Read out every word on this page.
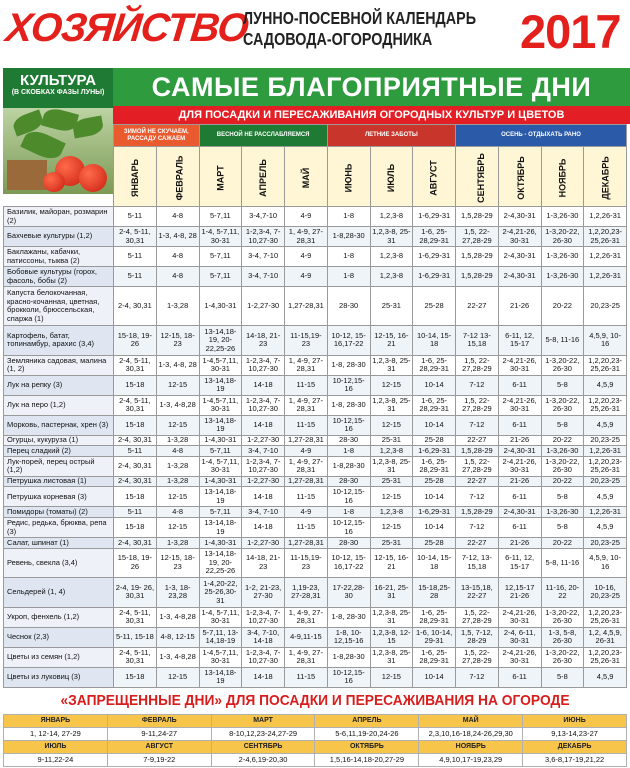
ХОЗЯЙСТВО
ЛУННО-ПОСЕВНОЙ КАЛЕНДАРЬ
САДОВОДА-ОГОРОДНИКА	2017
КУЛЬТУРА
(В СКОБКАХ ФАЗЫ ЛУНЫ)	САМЫЕ БЛАГОПРИЯТНЫЕ ДНИ
ДЛЯ ПОСАДКИ И ПЕРЕСАЖИВАНИЯ ОГОРОДНЫХ КУЛЬТУР И ЦВЕТОВ
	ЗИМОЙ НЕ СКУЧАЕМ, РАССАДУ САЖАЕМ		ВЕСНОЙ НЕ РАССЛАБЛЯЕМСЯ			ЛЕТНИЕ ЗАБОТЫ			ОСЕНЬ - ОТДЫХАТЬ РАНО			
	ЯНВАРЬ	ФЕВРАЛЬ	МАРТ	АПРЕЛЬ	МАЙ	ИЮНЬ	ИЮЛЬ	АВГУСТ	СЕНТЯБРЬ	ОКТЯБРЬ	НОЯБРЬ	ДЕКАБРЬ
Базилик, майоран, розмарин (2)	5-11	4-8	5-7,11	3-4,7-10	4-9	1-8	1,2,3-8	1-6,29-31	1,5,28-29	2-4,30-31	1-3,26-30	1,2,26-31
Бахчевые культуры (1,2)	2-4, 5-11, 30,31	1-3, 4-8, 28	1-4, 5-7,11, 30-31	1-2,3-4, 7-10,27-30	1, 4-9, 27-28,31	1-8,28-30	1,2,3-8, 25-31	1-6, 25-28,29-31	1,5, 22-27,28-29	2-4,21-26, 30-31	1-3,20-22, 26-30	1,2,20,23- 25,26-31
Баклажаны, кабачки, патиссоны, тыква (2)	5-11	4-8	5-7,11	3-4, 7-10	4-9	1-8	1,2,3-8	1-6,29-31	1,5,28-29	2-4,30-31	1-3,26-30	1,2,26-31
Бобовые культуры (горох, фасоль, бобы (2)	5-11	4-8	5-7,11	3-4, 7-10	4-9	1-8	1,2,3-8	1-6,29-31	1,5,28-29	2-4,30-31	1-3,26-30	1,2,26-31
Капуста белокочанная, красно-кочанная, цветная, брокколи, брюссельская, спаржа (1)	2-4, 30,31	1-3,28	1-4,30-31	1-2,27-30	1,27-28,31	28-30	25-31	25-28	22-27	21-26	20-22	20,23-25
Картофель, батат, топинамбур, арахис (3,4)	15-18, 19-26	12-15, 18-23	13-14,18-19, 20-22,25-26	14-18, 21-23	11-15,19-23	10-12, 15-16,17-22	12-15, 16-21	10-14, 15-18	7-12 13-15,18	6-11, 12, 15-17	5-8, 11-16	4,5,9, 10-16
Земляника садовая, малина (1, 2)	2-4, 5-11, 30,31	1-3, 4-8, 28	1-4,5-7,11, 30-31	1-2,3-4, 7-10,27-30	1, 4-9, 27-28,31	1-8, 28-30	1,2,3-8, 25-31	1-6, 25-28,29-31	1,5, 22-27,28-29	2-4,21-26, 30-31	1-3,20-22, 26-30	1,2,20,23- 25,26-31
Лук на репку (3)	15-18	12-15	13-14,18-19	14-18	11-15	10-12,15-16	12-15	10-14	7-12	6-11	5-8	4,5,9
Лук на перо (1,2)	2-4, 5-11, 30,31	1-3, 4-8,28	1-4,5-7,11, 30-31	1-2,3-4, 7-10,27-30	1, 4-9, 27-28,31	1-8, 28-30	1,2,3-8, 25-31	1-6, 25-28,29-31	1,5, 22-27,28-29	2-4,21-26, 30-31	1-3,20-22, 26-30	1,2,20,23- 25,26-31
Морковь, пастернак, хрен (3)	15-18	12-15	13-14,18-19	14-18	11-15	10-12,15-16	12-15	10-14	7-12	6-11	5-8	4,5,9
Огурцы, кукуруза (1)	2-4, 30,31	1-3,28	1-4,30-31	1-2,27-30	1,27-28,31	28-30	25-31	25-28	22-27	21-26	20-22	20,23-25
Перец сладкий (2)	5-11	4-8	5-7,11	3-4, 7-10	4-9	1-8	1,2,3-8	1-6,29-31	1,5,28-29	2-4,30-31	1-3,26-30	1,2,26-31
Лук-порей, перец острый (1,2)	2-4, 30,31	1-3,28	1-4, 5-7,11, 30-31	1-2,3-4, 7-10,27-30	1, 4-9, 27-28,31	1-8,28-30	1,2,3-8, 25-31	1-6, 25-28,29-31	1,5, 22-27,28-29	2-4,21-26, 30-31	1-3,20-22, 26-30	1,2,20,23- 25,26-31
Петрушка листовая (1)	2-4, 30,31	1-3,28	1-4,30-31	1-2,27-30	1,27-28,31	28-30	25-31	25-28	22-27	21-26	20-22	20,23-25
Петрушка корневая (3)	15-18	12-15	13-14,18-19	14-18	11-15	10-12,15-16	12-15	10-14	7-12	6-11	5-8	4,5,9
Помидоры (томаты) (2)	5-11	4-8	5-7,11	3-4, 7-10	4-9	1-8	1,2,3-8	1-6,29-31	1,5,28-29	2-4,30-31	1-3,26-30	1,2,26-31
Редис, редька, брюква, репа (3)	15-18	12-15	13-14,18-19	14-18	11-15	10-12,15-16	12-15	10-14	7-12	6-11	5-8	4,5,9
Салат, шпинат (1)	2-4, 30,31	1-3,28	1-4,30-31	1-2,27-30	1,27-28,31	28-30	25-31	25-28	22-27	21-26	20-22	20,23-25
Ревень, свекла (3,4)	15-18, 19-26	12-15, 18-23	13-14,18-19, 20-22,25-26	14-18, 21-23	11-15,19-23	10-12, 15-16,17-22	12-15, 16-21	10-14, 15-18	7-12, 13-15,18	6-11, 12, 15-17	5-8, 11-16	4,5,9, 10-16
Сельдерей (1, 4)	2-4, 19- 26, 30,31	1-3, 18-23,28	1-4,20-22, 25-26,30-31	1-2, 21-23, 27-30	1,19-23, 27-28,31	17-22,28-30	16-21, 25-31	15-18,25-28	13-15,18, 22-27	12,15-17 21-26	11-16, 20-22	10-16, 20,23-25
Укроп, фенхель (1,2)	2-4, 5-11, 30,31	1-3, 4-8,28	1-4, 5-7,11, 30-31	1-2,3-4, 7-10,27-30	1, 4-9, 27-28,31	1-8, 28-30	1,2,3-8, 25-31	1-6, 25-28,29-31	1,5, 22-27,28-29	2-4,21-26, 30-31	1-3,20-22, 26-30	1,2,20,23- 25,26-31
Чеснок (2,3)	5-11, 15-18	4-8, 12-15	5-7,11, 13-14,18-19	3-4, 7-10, 14-18	4-9,11-15	1-8, 10-12,15-16	1,2,3-8, 12-15	1-6, 10-14, 29-31	1,5, 7-12, 28-29	2-4, 6-11, 30-31	1-3, 5-8, 26-30	1,2, 4,5,9, 26-31
Цветы из семян (1,2)	2-4, 5-11, 30,31	1-3, 4-8,28	1-4,5-7,11, 30-31	1-2,3-4, 7-10,27-30	1, 4-9, 27-28,31	1-8,28-30	1,2,3-8, 25-31	1-6, 25-28,29-31	1,5, 22-27,28-29	2-4,21-26, 30-31	1-3,20-22, 26-30	1,2,20,23- 25,26-31
Цветы из луковиц (3)	15-18	12-15	13-14,18-19	14-18	11-15	10-12,15-16	12-15	10-14	7-12	6-11	5-8	4,5,9
«ЗАПРЕЩЕННЫЕ ДНИ» ДЛЯ ПОСАДКИ И ПЕРЕСАЖИВАНИЯ НА ОГОРОДЕ
ЯНВАРЬ	ФЕВРАЛЬ	МАРТ	АПРЕЛЬ	МАЙ	ИЮНЬ
1, 12-14, 27-29	9-11,24-27	8-10,12,23-24,27-29	5-6,11,19-20,24-26	2,3,10,16-18,24-26,29,30	9,13-14,23-27
ИЮЛЬ	АВГУСТ	СЕНТЯБРЬ	ОКТЯБРЬ	НОЯБРЬ	ДЕКАБРЬ
9-11,22-24	7-9,19-22	2-4,6,19-20,30	1,5,16-14,18-20,27-29	4,9,10,17-19,23,29	3,6-8,17-19,21,22
